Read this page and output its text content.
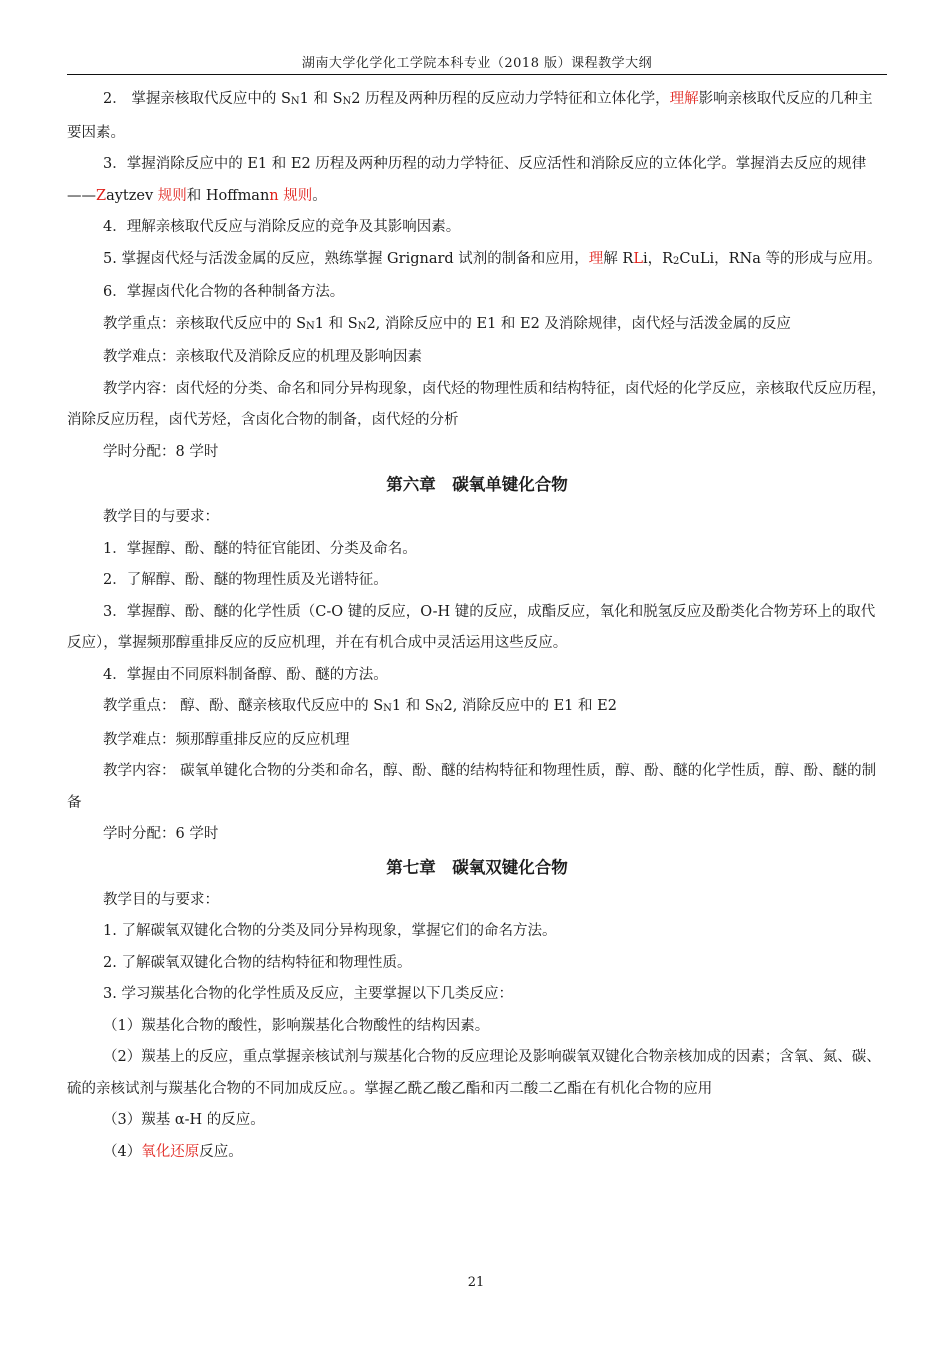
湖南大学化学化工学院本科专业（2018 版）课程教学大纲

2． 掌握亲核取代反应中的 SN1 和 SN2 历程及两种历程的反应动力学特征和立体化学，理解影响亲核取代反应的几种主要因素。

3．掌握消除反应中的 E1 和 E2 历程及两种历程的动力学特征、反应活性和消除反应的立体化学。掌握消去反应的规律——Zaytzev 规则和 Hofmann 规则。

4．理解亲核取代反应与消除反应的竞争及其影响因素。

5. 掌握卤代烃与活泼金属的反应，熟练掌握 Grignard 试剂的制备和应用，理解 RLi，R2CuLi，RNa 等的形成与应用。

6．掌握卤代化合物的各种制备方法。

教学重点：亲核取代反应中的 SN1 和 SN2, 消除反应中的 E1 和 E2 及消除规律，卤代烃与活泼金属的反应

教学难点：亲核取代及消除反应的机理及影响因素

教学内容：卤代烃的分类、命名和同分异构现象，卤代烃的物理性质和结构特征，卤代烃的化学反应，亲核取代反应历程，消除反应历程，卤代芳烃，含卤化合物的制备，卤代烃的分析

学时分配：8 学时

第六章　碳氧单键化合物

教学目的与要求：

1．掌握醇、酚、醚的特征官能团、分类及命名。

2．了解醇、酚、醚的物理性质及光谱特征。

3．掌握醇、酚、醚的化学性质（C-O 键的反应，O-H 键的反应，成酯反应，氧化和脱氢反应及酚类化合物芳环上的取代反应），掌握频那醇重排反应的反应机理，并在有机合成中灵活运用这些反应。

4．掌握由不同原料制备醇、酚、醚的方法。

教学重点： 醇、酚、醚亲核取代反应中的 SN1 和 SN2, 消除反应中的 E1 和 E2

教学难点：频那醇重排反应的反应机理

教学内容： 碳氧单键化合物的分类和命名，醇、酚、醚的结构特征和物理性质，醇、酚、醚的化学性质，醇、酚、醚的制备

学时分配：6 学时

第七章　碳氧双键化合物

教学目的与要求：

1. 了解碳氧双键化合物的分类及同分异构现象，掌握它们的命名方法。

2. 了解碳氧双键化合物的结构特征和物理性质。

3. 学习羰基化合物的化学性质及反应，主要掌握以下几类反应：

（1）羰基化合物的酸性，影响羰基化合物酸性的结构因素。

（2）羰基上的反应，重点掌握亲核试剂与羰基化合物的反应理论及影响碳氧双键化合物亲核加成的因素；含氧、氮、碳、硫的亲核试剂与羰基化合物的不同加成反应。。掌握乙酰乙酸乙酯和丙二酸二乙酯在有机化合物的应用

（3）羰基 α-H 的反应。

（4）氧化还原反应。

21
